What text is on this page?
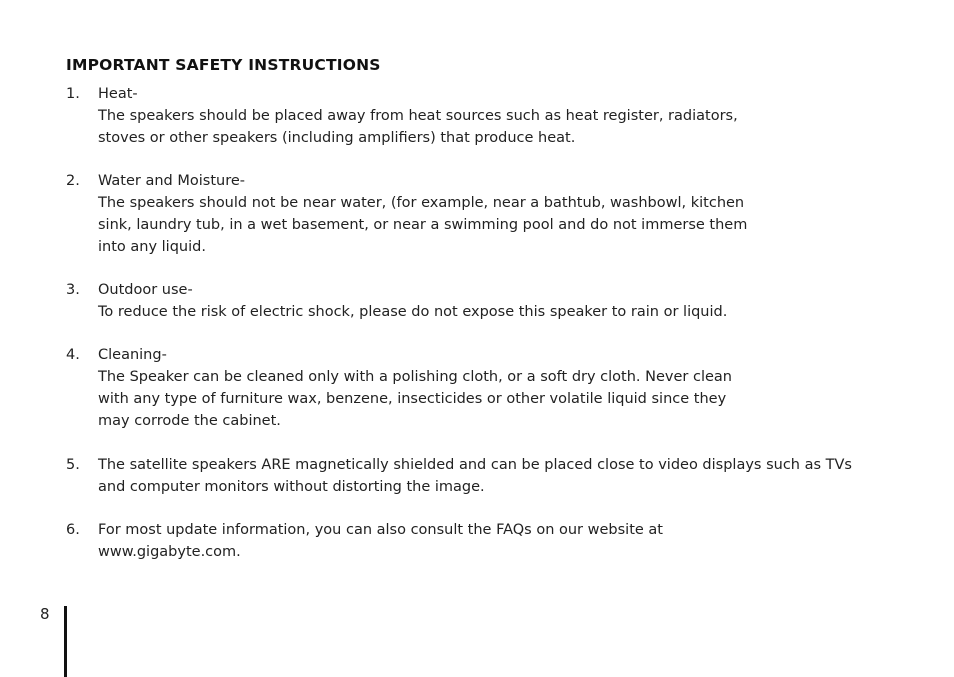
IMPORTANT SAFETY INSTRUCTIONS
1.	Heat-
The speakers should be placed away from heat sources such as heat register, radiators,
stoves or other speakers (including amplifiers) that produce heat.
2.	Water and Moisture-
The speakers should not be near water, (for example, near a bathtub, washbowl, kitchen
sink, laundry tub, in a wet basement, or near a swimming pool and do not immerse them
into any liquid.
3.	Outdoor use-
To reduce the risk of electric shock, please do not expose this speaker to rain or liquid.
4.	Cleaning-
The Speaker can be cleaned only with a polishing cloth, or a soft dry cloth. Never clean
with any type of furniture wax, benzene, insecticides or other volatile liquid since they
may corrode the cabinet.
5.	The satellite speakers ARE magnetically shielded and can be placed close to video displays such as TVs
and computer monitors without distorting the image.
6.	For most update information, you can also consult the FAQs on our website at
www.gigabyte.com.
8
